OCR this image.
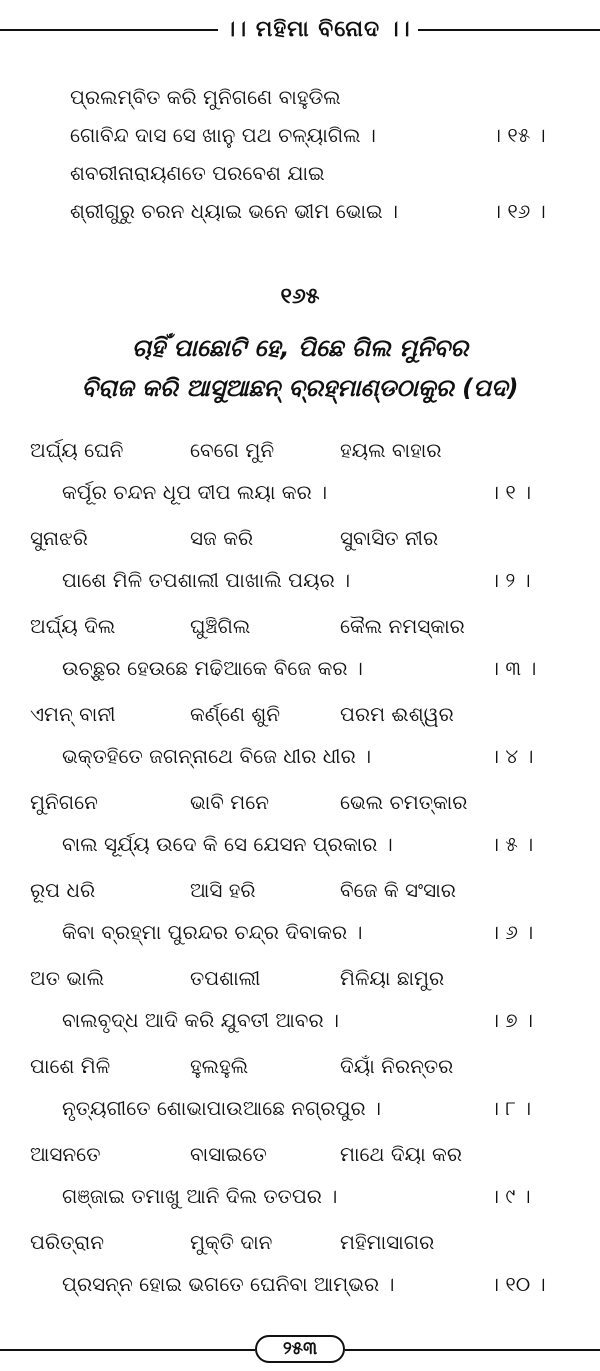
।। ମହିମା ବିନୋଦ ।।
ପ୍ରଲମ୍ବିତ କରି ମୁନିଗଣେ ବାହୁଡିଲ
ଗୋବିନ୍ଦ ଦାସ ସେ ଖାନୁ ପଥ ଚଳ୍ୟାଗିଲ ।	। ୧୫ ।
ଶବରୀନାରାୟଣତେ ପରବେଶ ଯାଇ
ଶ୍ରୀଗୁରୁ ଚରନ ଧ୍ୟାଇ ଭନେ ଭୀମ ଭୋଇ ।	। ୧୬ ।
୧୬୫
ଚାହିଁ ପାଛୋଟି ହେ, ପିଛେ ଗିଲ ମୁନିବର
ବିରାଜ କରି ଆସୁଆଛନ୍ ବ୍ରହ୍ମାଣ୍ଡଠାକୁର (ପଦ)
ଅର୍ଘ୍ୟ ଘେନି	ବେଗେ ମୁନି	ହୟଲ ବାହାର
କର୍ପୂର ଚନ୍ଦନ ଧୂପ ଦୀପ ଲୟା କର ।	। ୧ ।
ସୁନାଝରି	ସଜ କରି	ସୁବାସିତ ନୀର
ପାଶେ ମିଳି ତପଶାଲୀ ପାଖାଲି ପୟର ।	। ୨ ।
ଅର୍ଘ୍ୟ ଦିଲ	ଘୁଞ୍ଚିଗିଲ	କୈଲ ନମସ୍କାର
ଉଚ୍ଛୁର ହେଉଛେ ମଢିଆକେ ବିଜେ କର ।	। ୩ ।
ଏମନ୍ ବାନୀ	କର୍ଣ୍ଣେ ଶୁନି	ପରମ ଈଶ୍ୱର
ଭକ୍ତହିତେ ଜଗନ୍ନାଥେ ବିଜେ ଧୀର ଧୀର ।	। ୪ ।
ମୁନିଗନେ	ଭାବି ମନେ	ଭେଲ ଚମତ୍କାର
ବାଲ ସୂର୍ଯ୍ୟ ଉଦେ କି ସେ ଯେସନ ପ୍ରକାର ।	। ୫ ।
ରୂପ ଧରି	ଆସି ହରି	ବିଜେ କି ସଂସାର
କିବା ବ୍ରହ୍ମା ପୁରନ୍ଦର ଚନ୍ଦ୍ର ଦିବାକର ।	। ୬ ।
ଅତ ଭାଲି	ତପଶାଲୀ	ମିଳିୟା ଛାମୁର
ବାଲବୃଦ୍ଧ ଆଦି କରି ଯୁବତୀ ଆବର ।	। ୭ ।
ପାଶେ ମିଳି	ହୁଲହୁଲି	ଦିୟାଁ ନିରନ୍ତର
ନୃତ୍ୟଗୀତେ ଶୋଭାପାଉଆଛେ ନଗ୍ରପୁର ।	। ୮ ।
ଆସନତେ	ବାସାଇତେ	ମାଥେ ଦିୟା କର
ଗଞ୍ଜାଇ ତମାଖୁ ଆନି ଦିଲ ତତପର ।	। ୯ ।
ପରିତ୍ରାନ	ମୁକ୍ତି ଦାନ	ମହିମାସାଗର
ପ୍ରସନ୍ନ ହୋଇ ଭଗତେ ଘେନିବା ଆମ୍ଭର ।	। ୧୦ ।
୨୫୩
